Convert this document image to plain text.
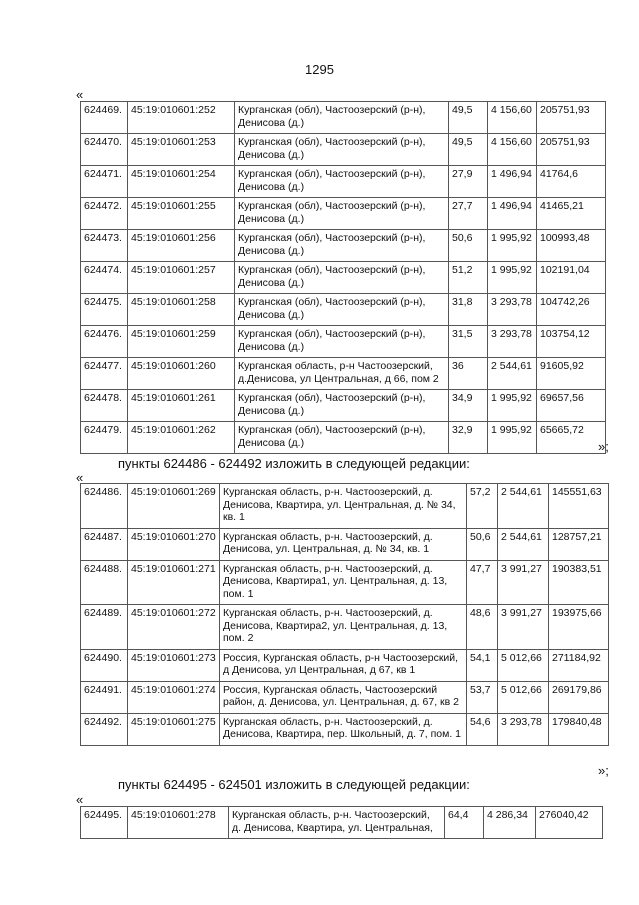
1295
«
624469.	45:19:010601:252	Курганская (обл), Частоозерский (р-н), Денисова (д.)	49,5	4 156,60	205751,93
624470.	45:19:010601:253	Курганская (обл), Частоозерский (р-н), Денисова (д.)	49,5	4 156,60	205751,93
624471.	45:19:010601:254	Курганская (обл), Частоозерский (р-н), Денисова (д.)	27,9	1 496,94	41764,6
624472.	45:19:010601:255	Курганская (обл), Частоозерский (р-н), Денисова (д.)	27,7	1 496,94	41465,21
624473.	45:19:010601:256	Курганская (обл), Частоозерский (р-н), Денисова (д.)	50,6	1 995,92	100993,48
624474.	45:19:010601:257	Курганская (обл), Частоозерский (р-н), Денисова (д.)	51,2	1 995,92	102191,04
624475.	45:19:010601:258	Курганская (обл), Частоозерский (р-н), Денисова (д.)	31,8	3 293,78	104742,26
624476.	45:19:010601:259	Курганская (обл), Частоозерский (р-н), Денисова (д.)	31,5	3 293,78	103754,12
624477.	45:19:010601:260	Курганская область, р-н Частоозерский, д.Денисова, ул Центральная, д 66, пом 2	36	2 544,61	91605,92
624478.	45:19:010601:261	Курганская (обл), Частоозерский (р-н), Денисова (д.)	34,9	1 995,92	69657,56
624479.	45:19:010601:262	Курганская (обл), Частоозерский (р-н), Денисова (д.)	32,9	1 995,92	65665,72
»;
пункты 624486 - 624492 изложить в следующей редакции:
«
624486.	45:19:010601:269	Курганская область, р-н. Частоозерский, д. Денисова, Квартира, ул. Центральная, д. № 34, кв. 1	57,2	2 544,61	145551,63
624487.	45:19:010601:270	Курганская область, р-н. Частоозерский, д. Денисова, ул. Центральная, д. № 34, кв. 1	50,6	2 544,61	128757,21
624488.	45:19:010601:271	Курганская область, р-н. Частоозерский, д. Денисова, Квартира1, ул. Центральная, д. 13, пом. 1	47,7	3 991,27	190383,51
624489.	45:19:010601:272	Курганская область, р-н. Частоозерский, д. Денисова, Квартира2, ул. Центральная, д. 13, пом. 2	48,6	3 991,27	193975,66
624490.	45:19:010601:273	Россия, Курганская область, р-н Частоозерский, д Денисова, ул Центральная, д 67, кв 1	54,1	5 012,66	271184,92
624491.	45:19:010601:274	Россия, Курганская область, Частоозерский район, д. Денисова, ул. Центральная, д. 67, кв 2	53,7	5 012,66	269179,86
624492.	45:19:010601:275	Курганская область, р-н. Частоозерский, д. Денисова, Квартира, пер. Школьный, д. 7, пом. 1	54,6	3 293,78	179840,48
»;
пункты 624495 - 624501 изложить в следующей редакции:
«
624495.	45:19:010601:278	Курганская область, р-н. Частоозерский, д. Денисова, Квартира, ул. Центральная,	64,4	4 286,34	276040,42
